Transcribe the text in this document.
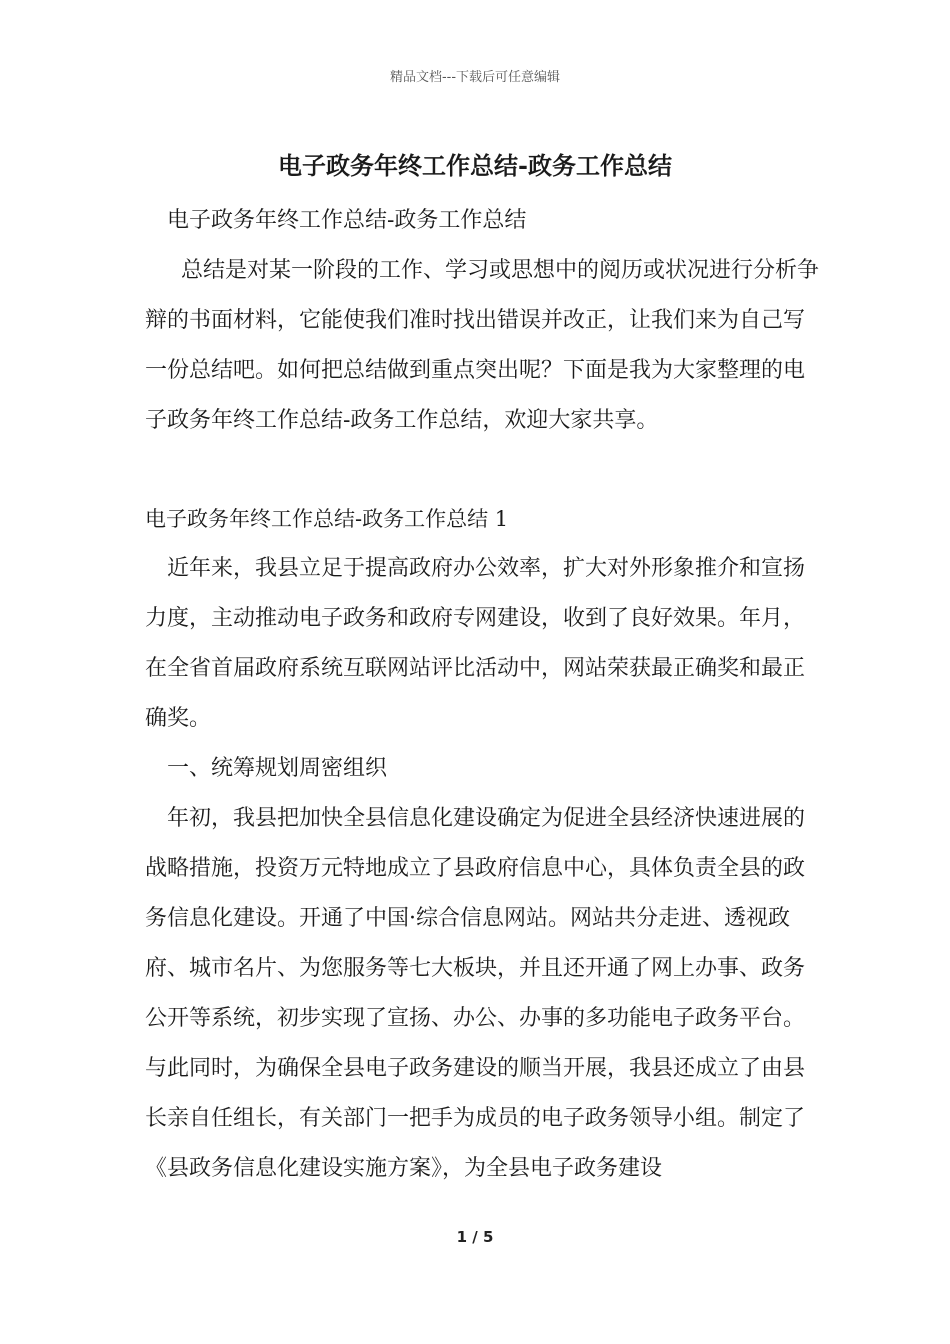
精品文档---下载后可任意编辑
电子政务年终工作总结-政务工作总结

电子政务年终工作总结-政务工作总结

总结是对某一阶段的工作、学习或思想中的阅历或状况进行分析争辩的书面材料，它能使我们准时找出错误并改正，让我们来为自己写一份总结吧。如何把总结做到重点突出呢？下面是我为大家整理的电子政务年终工作总结-政务工作总结，欢迎大家共享。

电子政务年终工作总结-政务工作总结 1

近年来，我县立足于提高政府办公效率，扩大对外形象推介和宣扬力度，主动推动电子政务和政府专网建设，收到了良好效果。年月，在全省首届政府系统互联网站评比活动中，网站荣获最正确奖和最正确奖。

一、统筹规划周密组织

年初，我县把加快全县信息化建设确定为促进全县经济快速进展的战略措施，投资万元特地成立了县政府信息中心，具体负责全县的政务信息化建设。开通了中国·综合信息网站。网站共分走进、透视政府、城市名片、为您服务等七大板块，并且还开通了网上办事、政务公开等系统，初步实现了宣扬、办公、办事的多功能电子政务平台。与此同时，为确保全县电子政务建设的顺当开展，我县还成立了由县长亲自任组长，有关部门一把手为成员的电子政务领导小组。制定了《县政务信息化建设实施方案》，为全县电子政务建设

1 / 5
